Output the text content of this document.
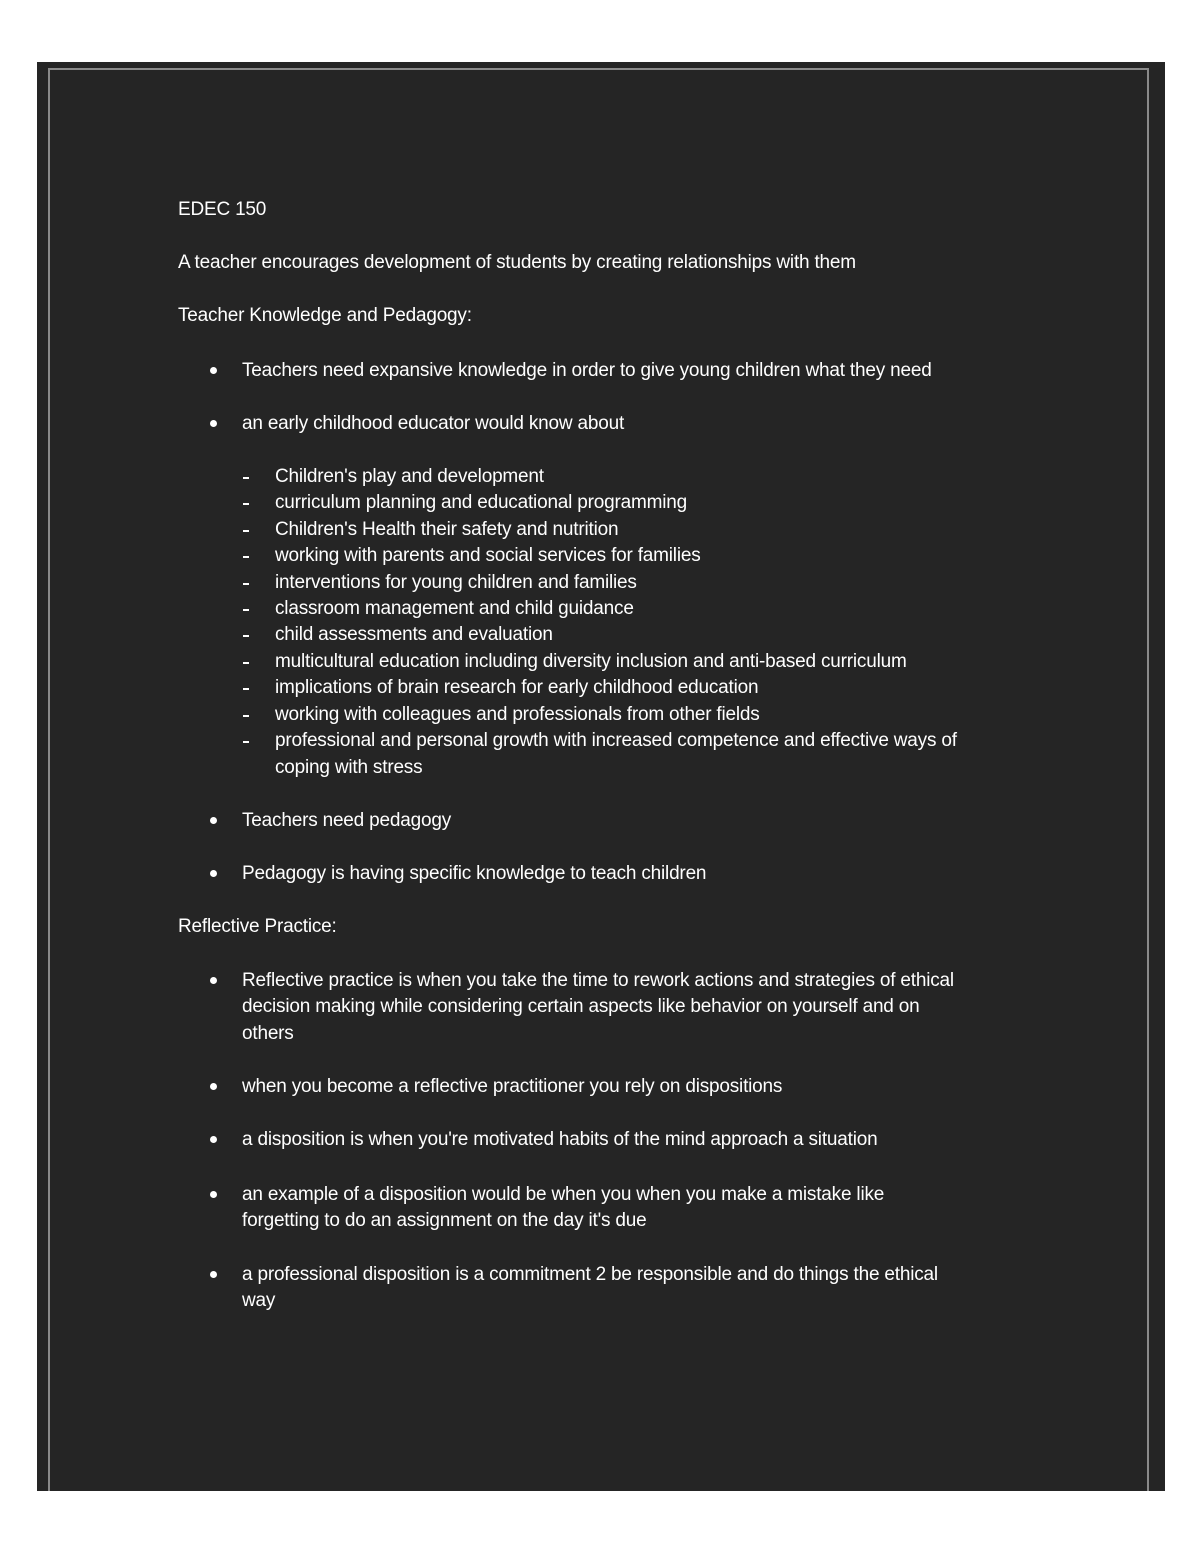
EDEC 150
A teacher encourages development of students by creating relationships with them
Teacher Knowledge and Pedagogy:
Teachers need expansive knowledge in order to give young children what they need
an early childhood educator would know about
Children's play and development
curriculum planning and educational programming
Children's Health their safety and nutrition
working with parents and social services for families
interventions for young children and families
classroom management and child guidance
child assessments and evaluation
multicultural education including diversity inclusion and anti-based curriculum
implications of brain research for early childhood education
working with colleagues and professionals from other fields
professional and personal growth with increased competence and effective ways of
coping with stress
Teachers need pedagogy
Pedagogy is having specific knowledge to teach children
Reflective Practice:
Reflective practice is when you take the time to rework actions and strategies of ethical
decision making while considering certain aspects like behavior on yourself and on
others
when you become a reflective practitioner you rely on dispositions
a disposition is when you're motivated habits of the mind approach a situation
an example of a disposition would be when you when you make a mistake like
forgetting to do an assignment on the day it's due
a professional disposition is a commitment 2 be responsible and do things the ethical
way
